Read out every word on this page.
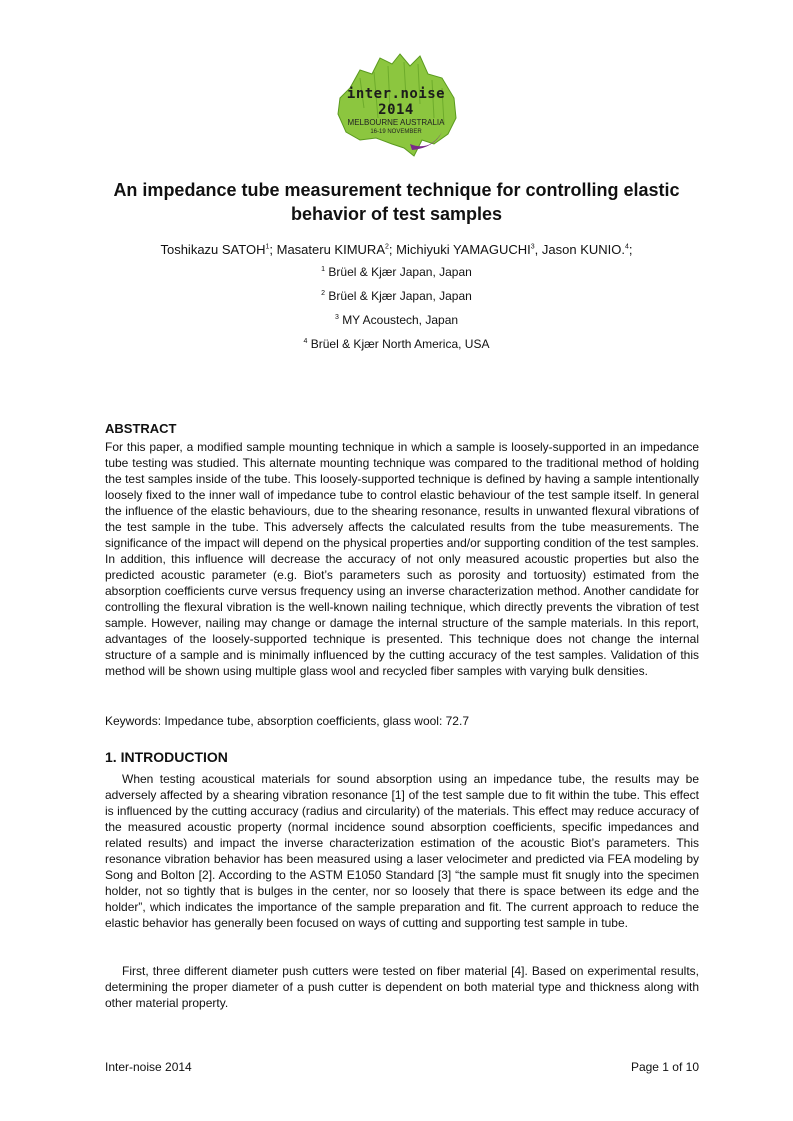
inter.noise 2014
MELBOURNE AUSTRALIA
16-19 NOVEMBER
An impedance tube measurement technique for controlling elastic
behavior of test samples
Toshikazu SATOH$^1$; Masateru KIMURA$^2$; Michiyuki YAMAGUCHI$^3$, Jason KUNIO.$^4$;
$^1$ Brüel & Kjær Japan, Japan
$^2$ Brüel & Kjær Japan, Japan
$^3$ MY Acoustech, Japan
$^4$ Brüel & Kjær North America, USA
ABSTRACT

For this paper, a modified sample mounting technique in which a sample is loosely-supported in an impedance tube testing was studied. This alternate mounting technique was compared to the traditional method of holding the test samples inside of the tube. This loosely-supported technique is defined by having a sample intentionally loosely fixed to the inner wall of impedance tube to control elastic behaviour of the test sample itself. In general the influence of the elastic behaviours, due to the shearing resonance, results in unwanted flexural vibrations of the test sample in the tube. This adversely affects the calculated results from the tube measurements. The significance of the impact will depend on the physical properties and/or supporting condition of the test samples. In addition, this influence will decrease the accuracy of not only measured acoustic properties but also the predicted acoustic parameter (e.g. Biot’s parameters such as porosity and tortuosity) estimated from the absorption coefficients curve versus frequency using an inverse characterization method. Another candidate for controlling the flexural vibration is the well-known nailing technique, which directly prevents the vibration of test sample. However, nailing may change or damage the internal structure of the sample materials. In this report, advantages of the loosely-supported technique is presented. This technique does not change the internal structure of a sample and is minimally influenced by the cutting accuracy of the test samples. Validation of this method will be shown using multiple glass wool and recycled fiber samples with varying bulk densities.

Keywords: Impedance tube, absorption coefficients, glass wool: 72.7
1. INTRODUCTION

When testing acoustical materials for sound absorption using an impedance tube, the results may be adversely affected by a shearing vibration resonance [1] of the test sample due to fit within the tube. This effect is influenced by the cutting accuracy (radius and circularity) of the materials. This effect may reduce accuracy of the measured acoustic property (normal incidence sound absorption coefficients, specific impedances and related results) and impact the inverse characterization estimation of the acoustic Biot’s parameters. This resonance vibration behavior has been measured using a laser velocimeter and predicted via FEA modeling by Song and Bolton [2]. According to the ASTM E1050 Standard [3] “the sample must fit snugly into the specimen holder, not so tightly that is bulges in the center, nor so loosely that there is space between its edge and the holder”, which indicates the importance of the sample preparation and fit. The current approach to reduce the elastic behavior has generally been focused on ways of cutting and supporting test sample in tube.

First, three different diameter push cutters were tested on fiber material [4]. Based on experimental results, determining the proper diameter of a push cutter is dependent on both material type and thickness along with other material property.

Inter-noise 2014	Page 1 of 10
